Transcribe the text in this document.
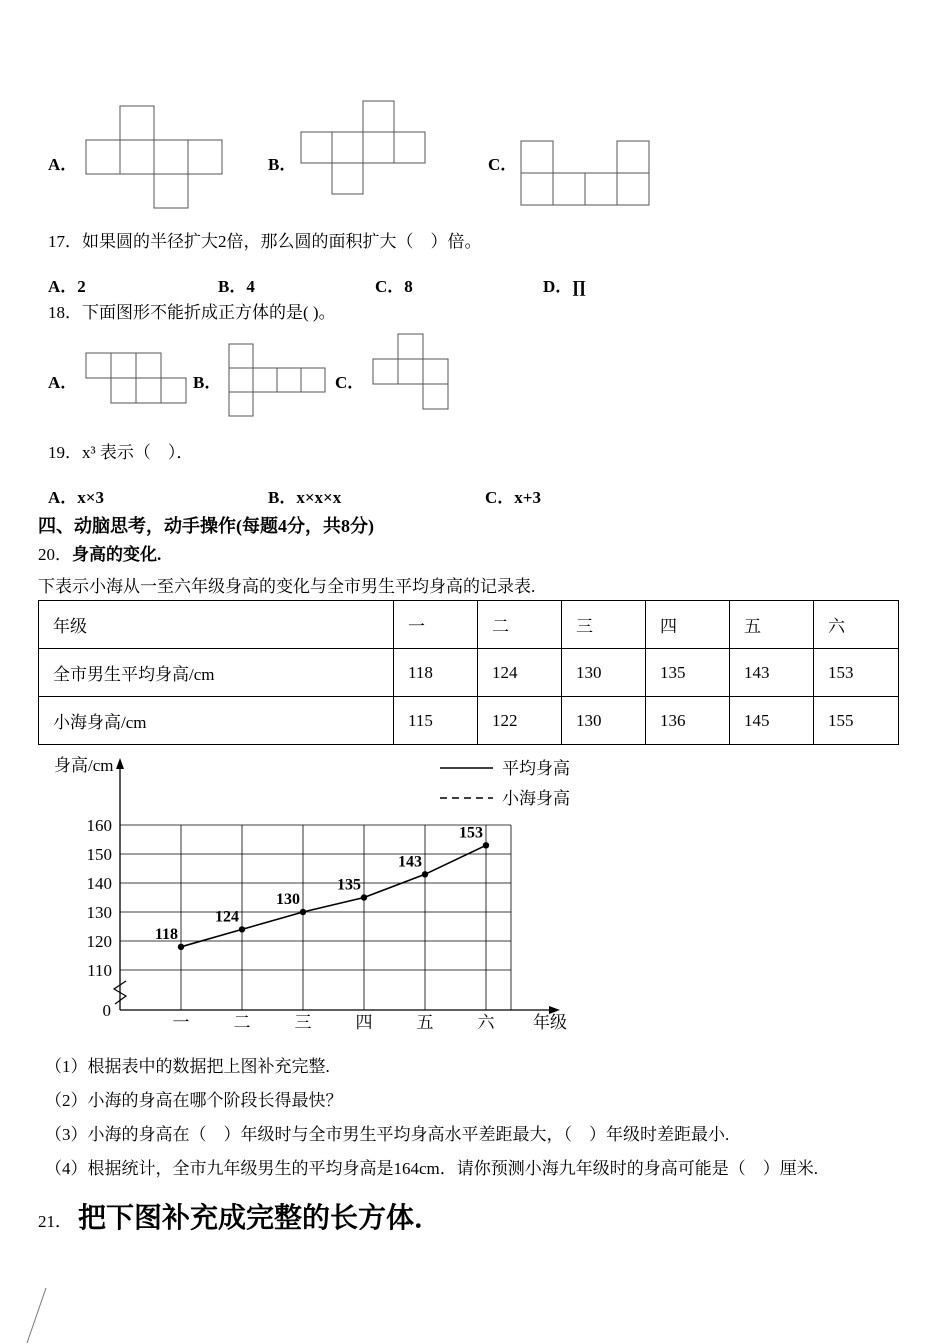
A．	B．	C．
17．如果圆的半径扩大2倍，那么圆的面积扩大（　）倍。
A．2	B．4	C．8	D．∏
18．下面图形不能折成正方体的是( )。
A．	B．	C．
19．x³ 表示（　）．
A．x×3	B．x×x×x	C．x+3
四、动脑思考，动手操作(每题4分，共8分)
20．身高的变化.
下表示小海从一至六年级身高的变化与全市男生平均身高的记录表.
年级	一	二	三	四	五	六
全市男生平均身高/cm	118	124	130	135	143	153
小海身高/cm	115	122	130	136	145	155
身高/cm
年级
0
平均身高
小海身高
110
120
130
140
150
160
一	二	三	四	五	六
118
124
130
135
143
153
（1）根据表中的数据把上图补充完整.
（2）小海的身高在哪个阶段长得最快？
（3）小海的身高在（　）年级时与全市男生平均身高水平差距最大，（　）年级时差距最小.
（4）根据统计，全市九年级男生的平均身高是164cm．请你预测小海九年级时的身高可能是（　）厘米.
21． 把下图补充成完整的长方体．
